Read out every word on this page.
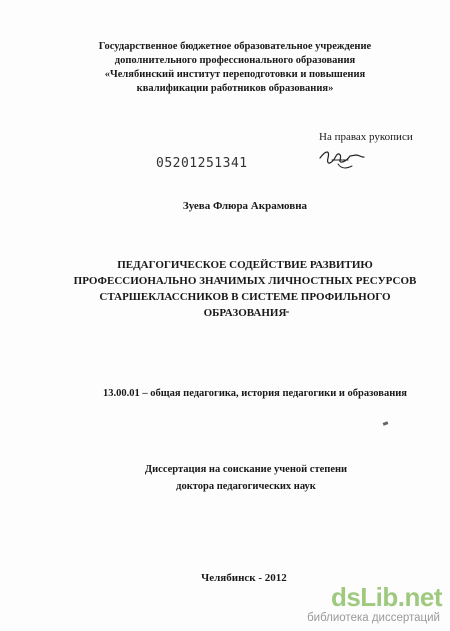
Государственное бюджетное образовательное учреждение
дополнительного профессионального образования
«Челябинский институт переподготовки и повышения
квалификации работников образования»
На правах рукописи
05201251341
Зуева Флюра Акрамовна
ПЕДАГОГИЧЕСКОЕ СОДЕЙСТВИЕ РАЗВИТИЮ
ПРОФЕССИОНАЛЬНО ЗНАЧИМЫХ ЛИЧНОСТНЫХ РЕСУРСОВ
СТАРШЕКЛАССНИКОВ В СИСТЕМЕ ПРОФИЛЬНОГО
ОБРАЗОВАНИЯ
13.00.01 – общая педагогика, история педагогики и образования
Диссертация на соискание ученой степени
доктора педагогических наук
Челябинск - 2012
dsLib.net
библиотека диссертаций
